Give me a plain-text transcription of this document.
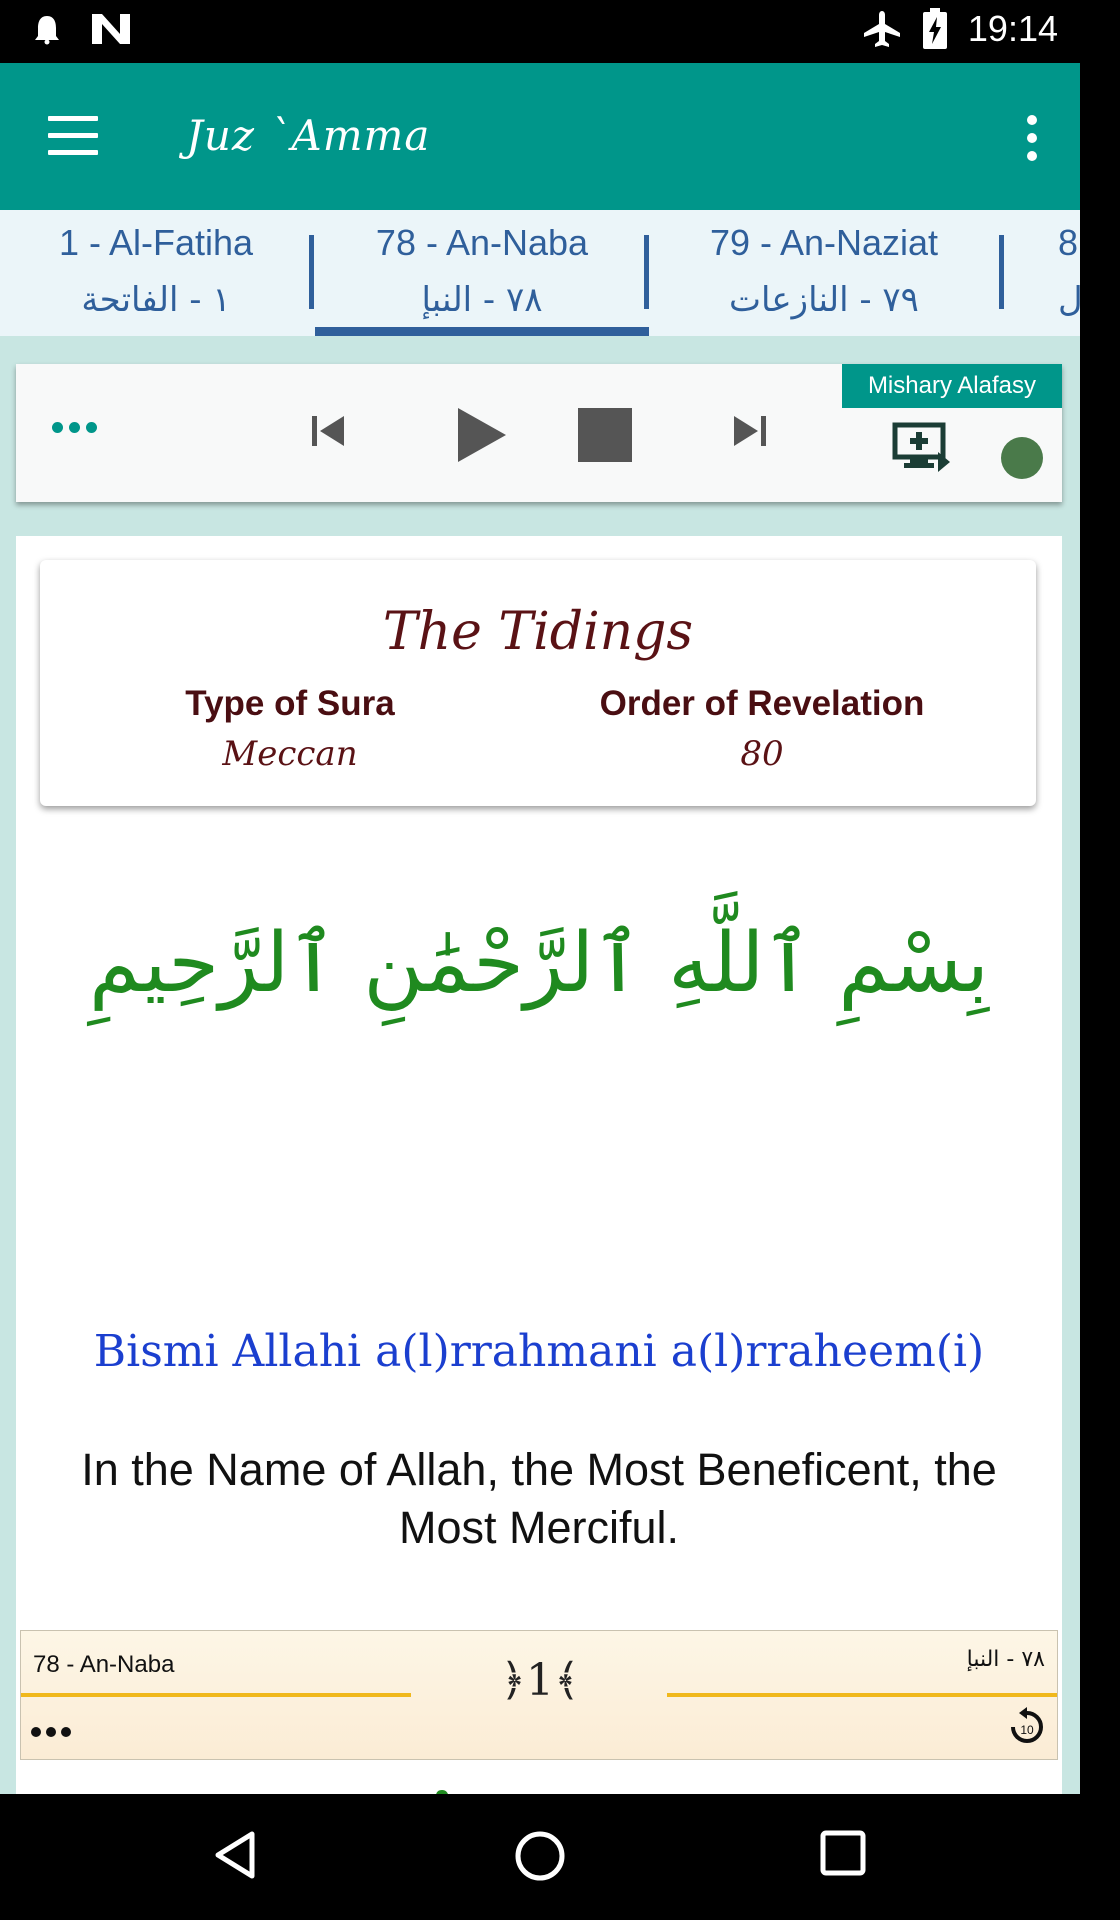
19:14
Juz `Amma
1 - Al-Fatiha
١ - الفاتحة
78 - An-Naba
٧٨ - النبإ
79 - An-Naziat
٧٩ - النازعات
8
ل
Mishary Alafasy
The Tidings
Type of Sura
Meccan
Order of Revelation
80
بِسْمِ ٱللَّهِ ٱلرَّحْمَٰنِ ٱلرَّحِيمِ
Bismi Allahi a(l)rrahmani a(l)rraheem(i)
In the Name of Allah, the Most Beneficent, the Most Merciful.
78 - An-Naba	٧٨ - النبإ
﴿1﴾
10
